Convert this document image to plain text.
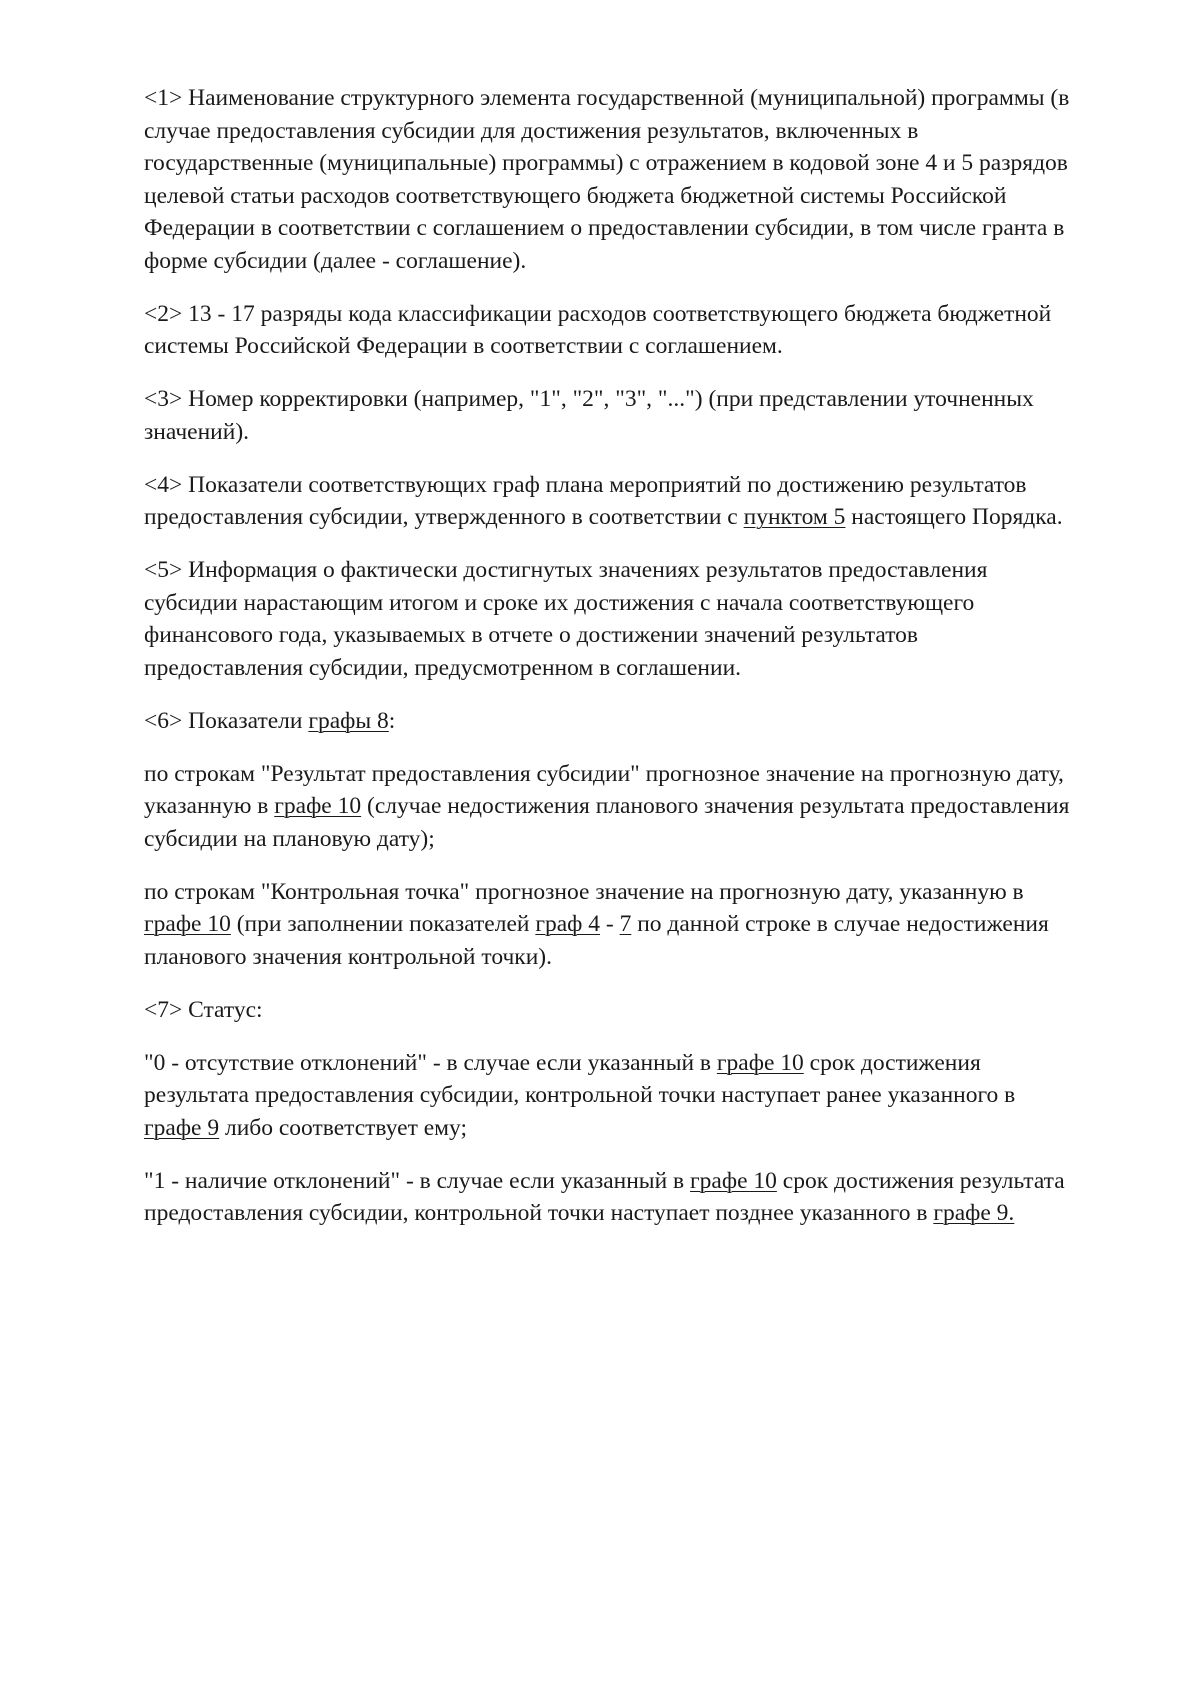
<1> Наименование структурного элемента государственной (муниципальной) программы (в случае предоставления субсидии для достижения результатов, включенных в государственные (муниципальные) программы) с отражением в кодовой зоне 4 и 5 разрядов целевой статьи расходов соответствующего бюджета бюджетной системы Российской Федерации в соответствии с соглашением о предоставлении субсидии, в том числе гранта в форме субсидии (далее - соглашение).

<2> 13 - 17 разряды кода классификации расходов соответствующего бюджета бюджетной системы Российской Федерации в соответствии с соглашением.

<3> Номер корректировки (например, "1", "2", "3", "...") (при представлении уточненных значений).

<4> Показатели соответствующих граф плана мероприятий по достижению результатов предоставления субсидии, утвержденного в соответствии с пунктом 5 настоящего Порядка.

<5> Информация о фактически достигнутых значениях результатов предоставления субсидии нарастающим итогом и сроке их достижения с начала соответствующего финансового года, указываемых в отчете о достижении значений результатов предоставления субсидии, предусмотренном в соглашении.

<6> Показатели графы 8:

по строкам "Результат предоставления субсидии" прогнозное значение на прогнозную дату, указанную в графе 10 (случае недостижения планового значения результата предоставления субсидии на плановую дату);

по строкам "Контрольная точка" прогнозное значение на прогнозную дату, указанную в графе 10 (при заполнении показателей граф 4 - 7 по данной строке в случае недостижения планового значения контрольной точки).

<7> Статус:

"0 - отсутствие отклонений" - в случае если указанный в графе 10 срок достижения результата предоставления субсидии, контрольной точки наступает ранее указанного в графе 9 либо соответствует ему;

"1 - наличие отклонений" - в случае если указанный в графе 10 срок достижения результата предоставления субсидии, контрольной точки наступает позднее указанного в графе 9.
